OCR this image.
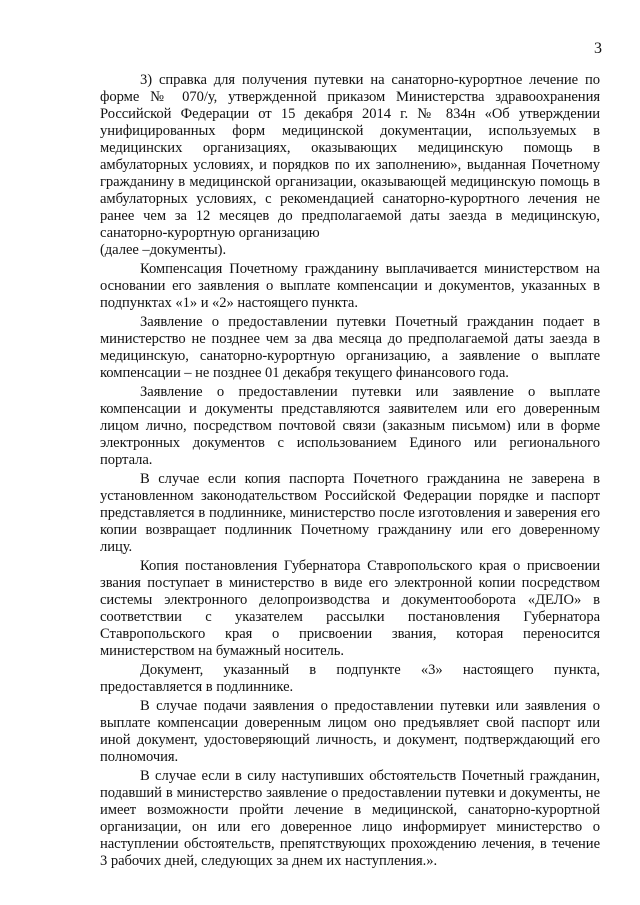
3

3) справка для получения путевки на санаторно-курортное лечение по форме № 070/у, утвержденной приказом Министерства здравоохранения Российской Федерации от 15 декабря 2014 г. № 834н «Об утверждении унифицированных форм медицинской документации, используемых в медицинских организациях, оказывающих медицинскую помощь в амбулаторных условиях, и порядков по их заполнению», выданная Почетному гражданину в медицинской организации, оказывающей медицинскую помощь в амбулаторных условиях, с рекомендацией санаторно-курортного лечения не ранее чем за 12 месяцев до предполагаемой даты заезда в медицинскую, санаторно-курортную организацию

(далее –документы).

Компенсация Почетному гражданину выплачивается министерством на основании его заявления о выплате компенсации и документов, указанных в подпунктах «1» и «2» настоящего пункта.

Заявление о предоставлении путевки Почетный гражданин подает в министерство не позднее чем за два месяца до предполагаемой даты заезда в медицинскую, санаторно-курортную организацию, а заявление о выплате компенсации – не позднее 01 декабря текущего финансового года.

Заявление о предоставлении путевки или заявление о выплате компенсации и документы представляются заявителем или его доверенным лицом лично, посредством почтовой связи (заказным письмом) или в форме электронных документов с использованием Единого или регионального портала.

В случае если копия паспорта Почетного гражданина не заверена в установленном законодательством Российской Федерации порядке и паспорт представляется в подлиннике, министерство после изготовления и заверения его копии возвращает подлинник Почетному гражданину или его доверенному лицу.

Копия постановления Губернатора Ставропольского края о присвоении звания поступает в министерство в виде его электронной копии посредством системы электронного делопроизводства и документооборота «ДЕЛО» в соответствии с указателем рассылки постановления Губернатора Ставропольского края о присвоении звания, которая переносится министерством на бумажный носитель.

Документ, указанный в подпункте «3» настоящего пункта, предоставляется в подлиннике.

В случае подачи заявления о предоставлении путевки или заявления о выплате компенсации доверенным лицом оно предъявляет свой паспорт или иной документ, удостоверяющий личность, и документ, подтверждающий его полномочия.

В случае если в силу наступивших обстоятельств Почетный гражданин, подавший в министерство заявление о предоставлении путевки и документы, не имеет возможности пройти лечение в медицинской, санаторно-курортной организации, он или его доверенное лицо информирует министерство о наступлении обстоятельств, препятствующих прохождению лечения, в течение 3 рабочих дней, следующих за днем их наступления.».
